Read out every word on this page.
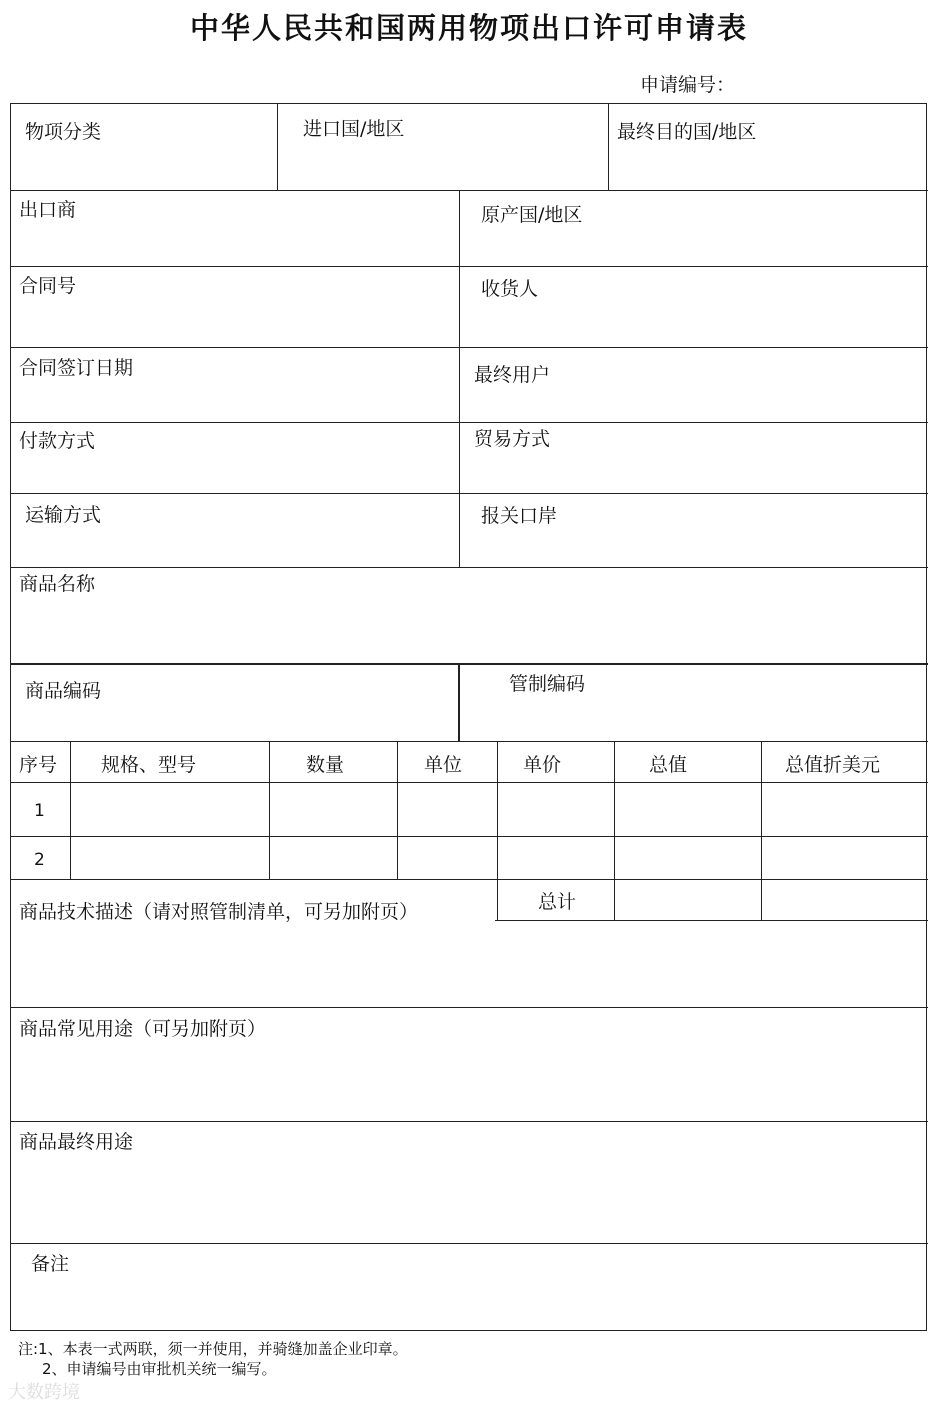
中华人民共和国两用物项出口许可申请表
申请编号：
物项分类	进口国/地区	最终目的国/地区
出口商	原产国/地区
合同号	收货人
合同签订日期	最终用户
付款方式	贸易方式
运输方式	报关口岸
商品名称
商品编码	管制编码
序号 规格、型号	数量	单位	单价	总值	总值折美元
1
2
总计
商品技术描述（请对照管制清单，可另加附页）
商品常见用途（可另加附页）
商品最终用途
备注
注:1、本表一式两联，须一并使用，并骑缝加盖企业印章。
2、申请编号由审批机关统一编写。
大数跨境
